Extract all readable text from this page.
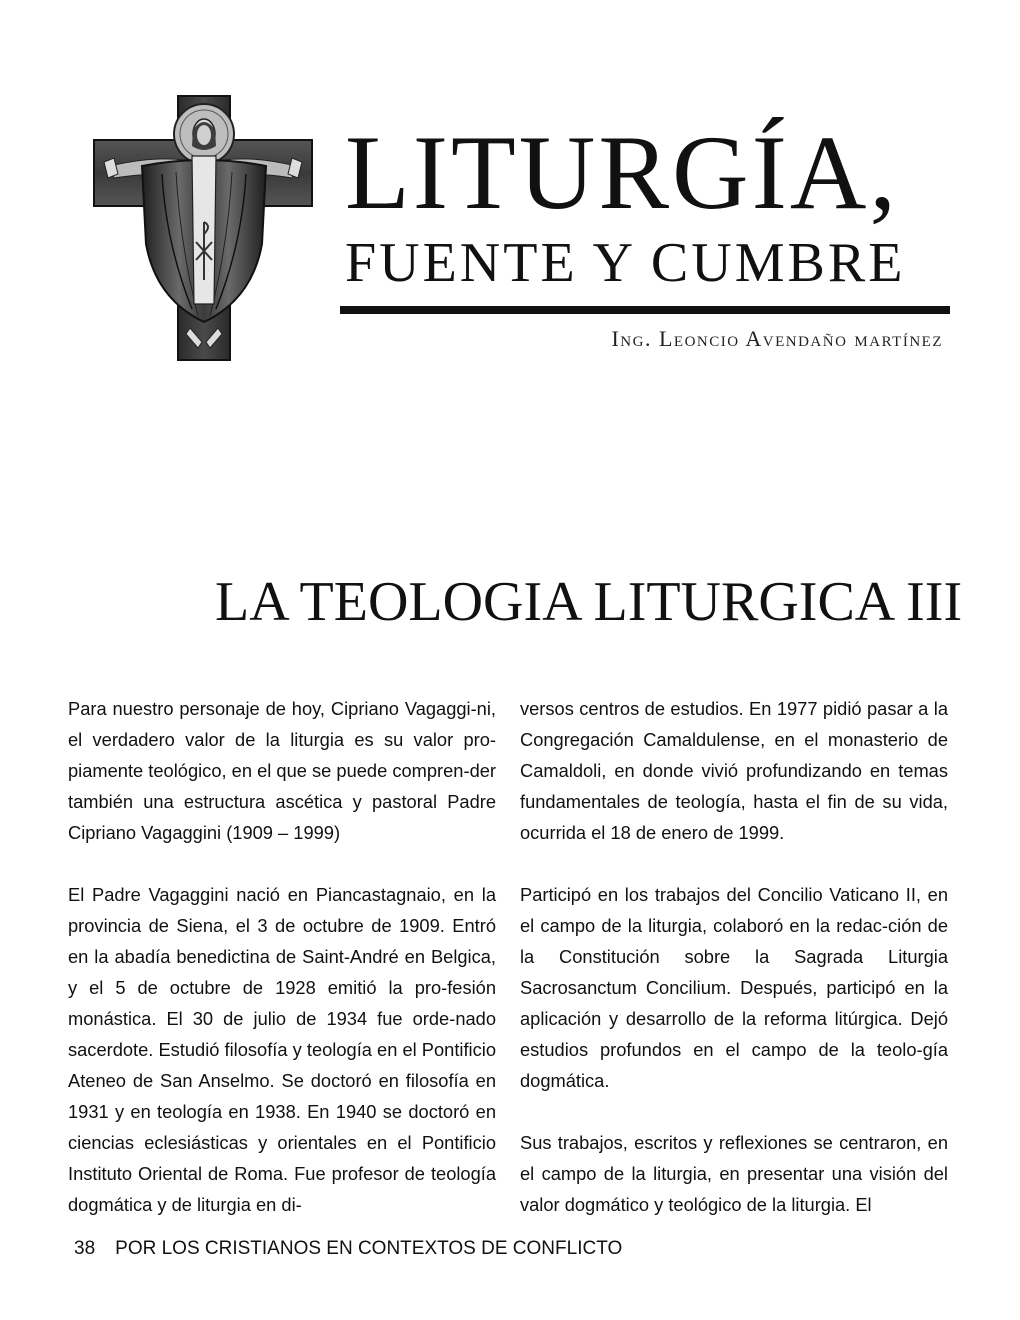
LITURGÍA,
FUENTE Y CUMBRE
Ing. Leoncio Avendaño martínez
LA TEOLOGIA LITURGICA III

Para nuestro personaje de hoy, Cipriano Vagaggi-ni, el verdadero valor de la liturgia es su valor pro-piamente teológico, en el que se puede compren-der también una estructura ascética y pastoral Padre Cipriano Vagaggini (1909 – 1999)

El Padre Vagaggini nació en Piancastagnaio, en la provincia de Siena, el 3 de octubre de 1909. Entró en la abadía benedictina de Saint-André en Belgica, y el 5 de octubre de 1928 emitió la pro-fesión monástica. El 30 de julio de 1934 fue orde-nado sacerdote. Estudió filosofía y teología en el Pontificio Ateneo de San Anselmo. Se doctoró en filosofía en 1931 y en teología en 1938. En 1940 se doctoró en ciencias eclesiásticas y orientales en el Pontificio Instituto Oriental de Roma. Fue profesor de teología dogmática y de liturgia en di-

versos centros de estudios. En 1977 pidió pasar a la Congregación Camaldulense, en el monasterio de Camaldoli, en donde vivió profundizando en temas fundamentales de teología, hasta el fin de su vida, ocurrida el 18 de enero de 1999.

Participó en los trabajos del Concilio Vaticano II, en el campo de la liturgia, colaboró en la redac-ción de la Constitución sobre la Sagrada Liturgia Sacrosanctum Concilium. Después, participó en la aplicación y desarrollo de la reforma litúrgica. Dejó estudios profundos en el campo de la teolo-gía dogmática.

Sus trabajos, escritos y reflexiones se centraron, en el campo de la liturgia, en presentar una visión del valor dogmático y teológico de la liturgia. El

38 POR LOS CRISTIANOS EN CONTEXTOS DE CONFLICTO
